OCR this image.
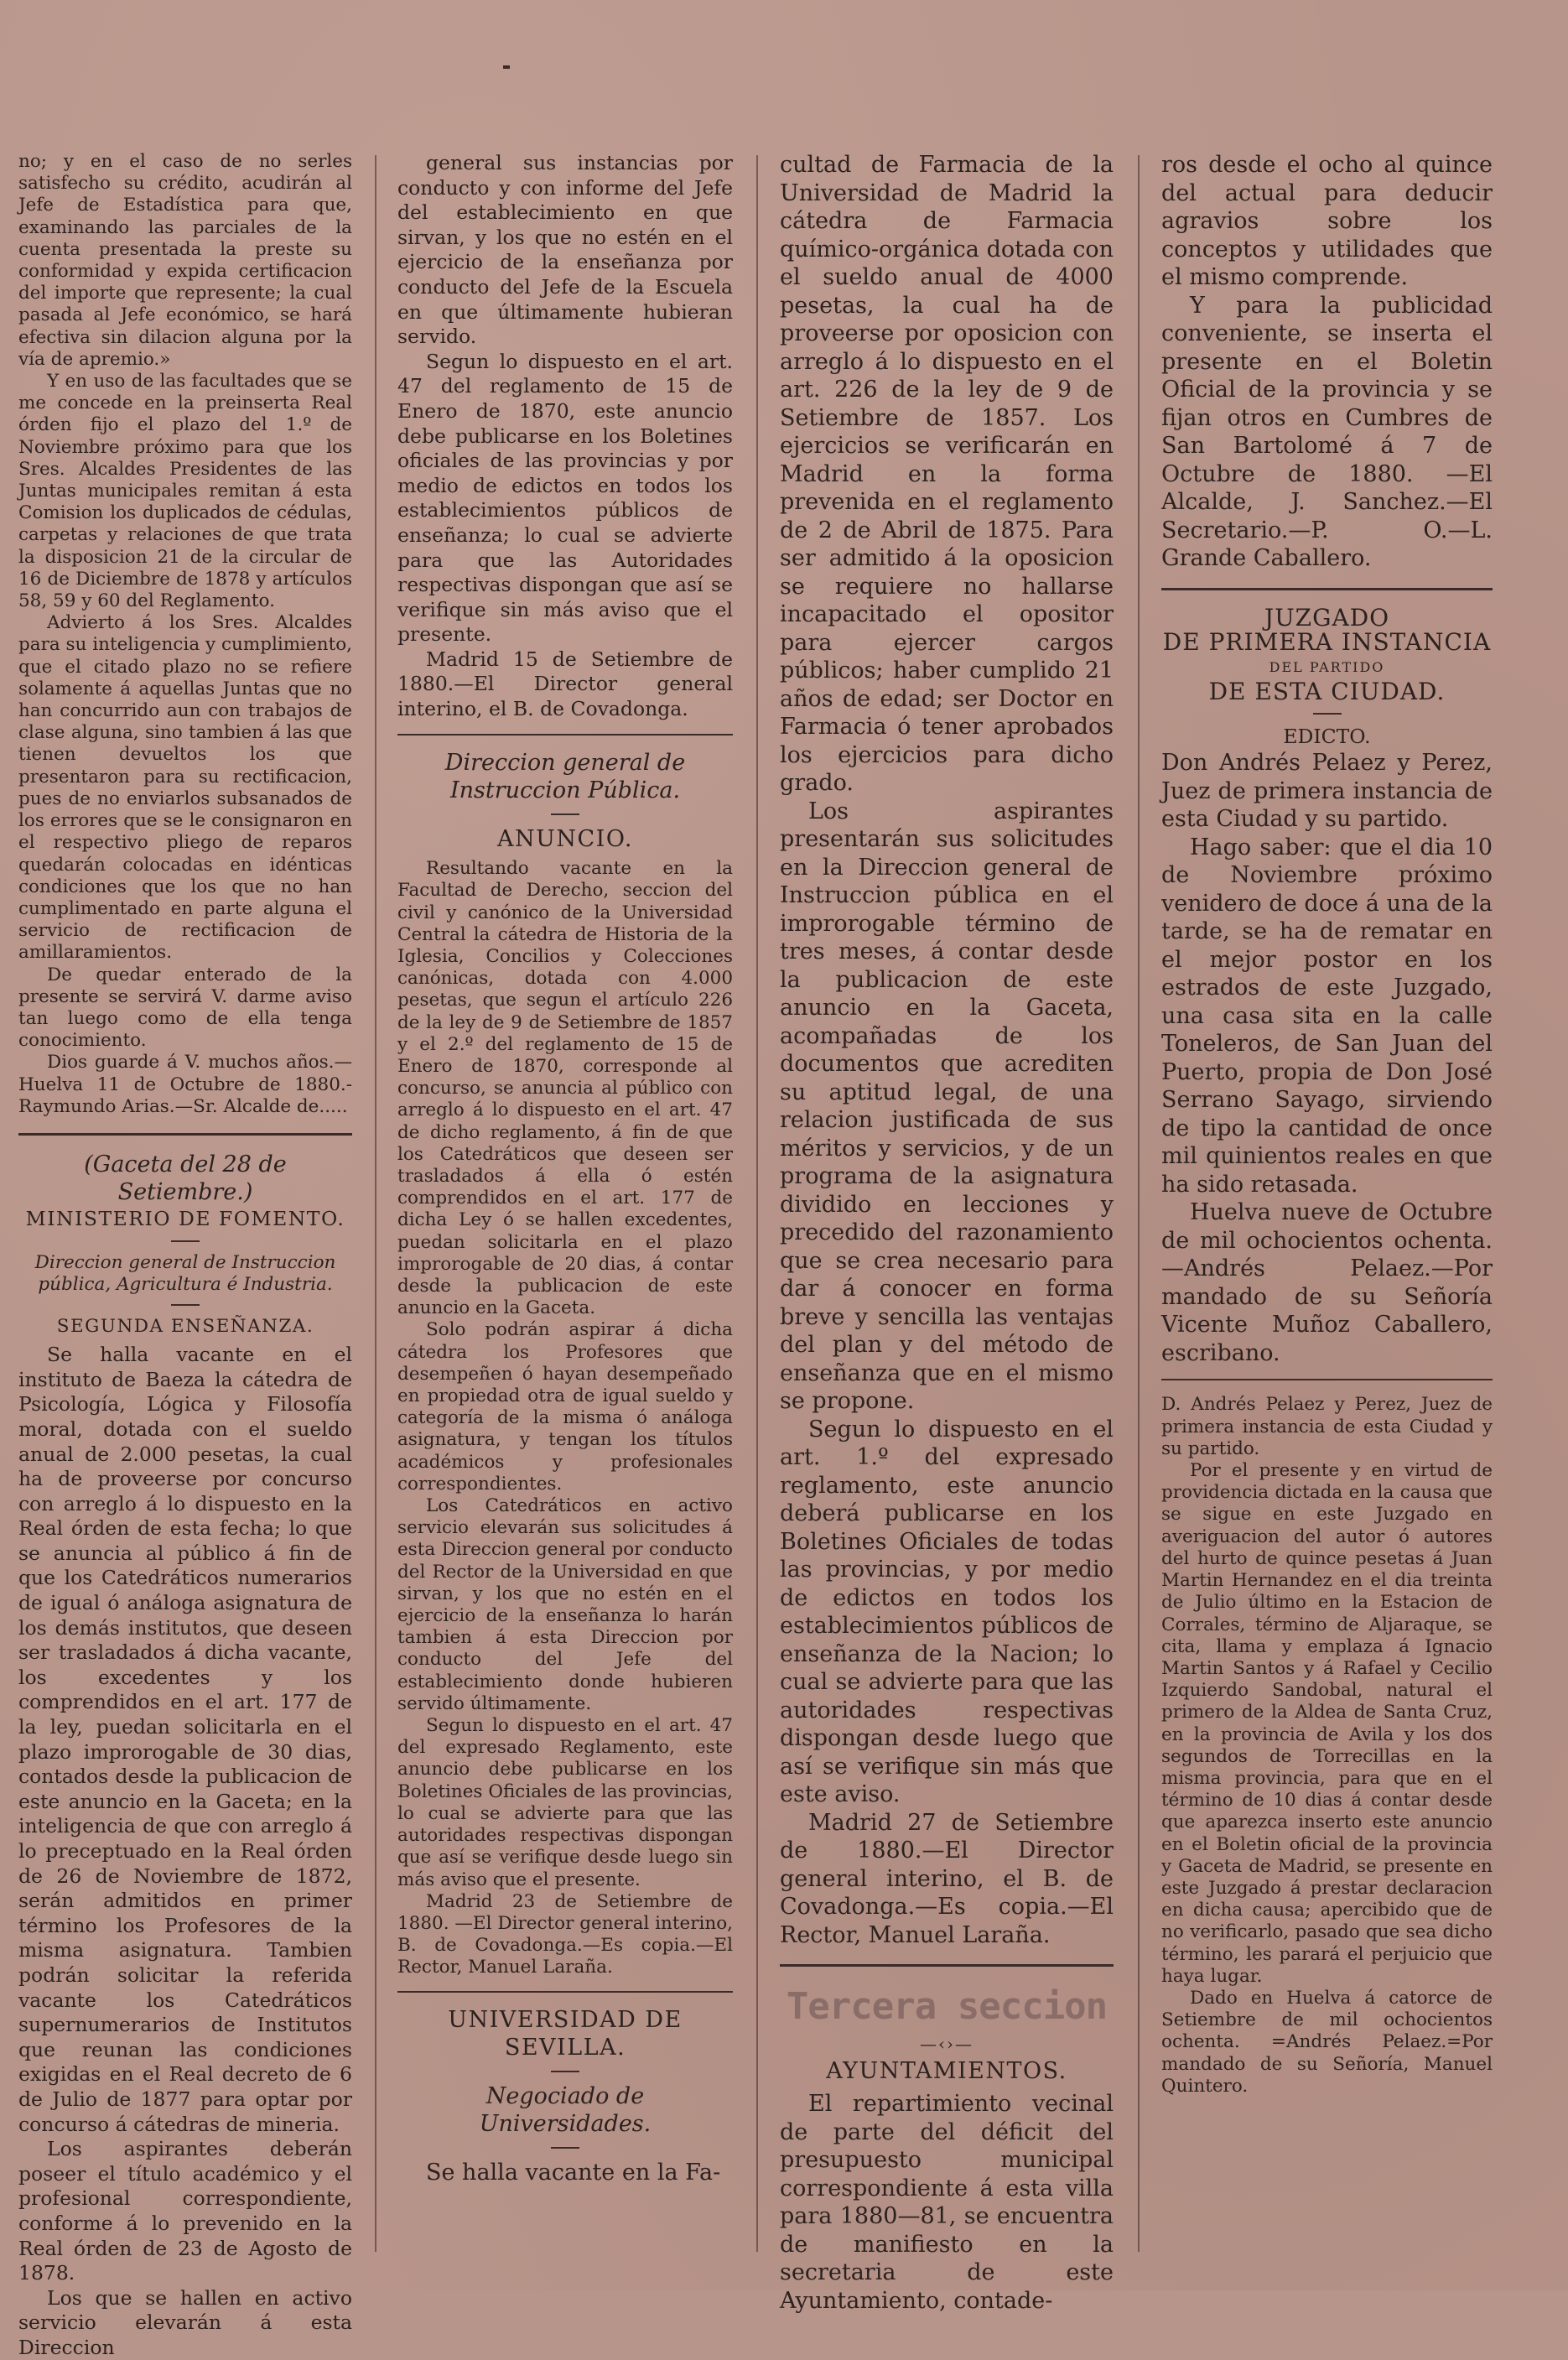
no; y en el caso de no serles satisfecho su crédito, acudirán al Jefe de Estadística para que, examinando las parciales de la cuenta presentada la preste su conformidad y expida certificacion del importe que represente; la cual pasada al Jefe económico, se hará efectiva sin dilacion alguna por la vía de apremio.»

Y en uso de las facultades que se me concede en la preinserta Real órden fijo el plazo del 1.º de Noviembre próximo para que los Sres. Alcaldes Presidentes de las Juntas municipales remitan á esta Comision los duplicados de cédulas, carpetas y relaciones de que trata la disposicion 21 de la circular de 16 de Diciembre de 1878 y artículos 58, 59 y 60 del Reglamento.

Advierto á los Sres. Alcaldes para su inteligencia y cumplimiento, que el citado plazo no se refiere solamente á aquellas Juntas que no han concurrido aun con trabajos de clase alguna, sino tambien á las que tienen devueltos los que presentaron para su rectificacion, pues de no enviarlos subsanados de los errores que se le consignaron en el respectivo pliego de reparos quedarán colocadas en idénticas condiciones que los que no han cumplimentado en parte alguna el servicio de rectificacion de amillaramientos.

De quedar enterado de la presente se servirá V. darme aviso tan luego como de ella tenga conocimiento.

Dios guarde á V. muchos años.—Huelva 11 de Octubre de 1880.-Raymundo Arias.—Sr. Alcalde de.....

(Gaceta del 28 de Setiembre.)

MINISTERIO DE FOMENTO.

Direccion general de Instruccion pública, Agricultura é Industria.

SEGUNDA ENSEÑANZA.

Se halla vacante en el instituto de Baeza la cátedra de Psicología, Lógica y Filosofía moral, dotada con el sueldo anual de 2.000 pesetas, la cual ha de proveerse por concurso con arreglo á lo dispuesto en la Real órden de esta fecha; lo que se anuncia al público á fin de que los Catedráticos numerarios de igual ó análoga asignatura de los demás institutos, que deseen ser trasladados á dicha vacante, los excedentes y los comprendidos en el art. 177 de la ley, puedan solicitarla en el plazo improrogable de 30 dias, contados desde la publicacion de este anuncio en la Gaceta; en la inteligencia de que con arreglo á lo preceptuado en la Real órden de 26 de Noviembre de 1872, serán admitidos en primer término los Profesores de la misma asignatura. Tambien podrán solicitar la referida vacante los Catedráticos supernumerarios de Institutos que reunan las condiciones exigidas en el Real decreto de 6 de Julio de 1877 para optar por concurso á cátedras de mineria.

Los aspirantes deberán poseer el título académico y el profesional correspondiente, conforme á lo prevenido en la Real órden de 23 de Agosto de 1878.

Los que se hallen en activo servicio elevarán á esta Direccion

general sus instancias por conducto y con informe del Jefe del establecimiento en que sirvan, y los que no estén en el ejercicio de la enseñanza por conducto del Jefe de la Escuela en que últimamente hubieran servido.

Segun lo dispuesto en el art. 47 del reglamento de 15 de Enero de 1870, este anuncio debe publicarse en los Boletines oficiales de las provincias y por medio de edictos en todos los establecimientos públicos de enseñanza; lo cual se advierte para que las Autoridades respectivas dispongan que así se verifique sin más aviso que el presente.

Madrid 15 de Setiembre de 1880.—El Director general interino, el B. de Covadonga.

Direccion general de Instruccion Pública.

ANUNCIO.

Resultando vacante en la Facultad de Derecho, seccion del civil y canónico de la Universidad Central la cátedra de Historia de la Iglesia, Concilios y Colecciones canónicas, dotada con 4.000 pesetas, que segun el artículo 226 de la ley de 9 de Setiembre de 1857 y el 2.º del reglamento de 15 de Enero de 1870, corresponde al concurso, se anuncia al público con arreglo á lo dispuesto en el art. 47 de dicho reglamento, á fin de que los Catedráticos que deseen ser trasladados á ella ó estén comprendidos en el art. 177 de dicha Ley ó se hallen excedentes, puedan solicitarla en el plazo improrogable de 20 dias, á contar desde la publicacion de este anuncio en la Gaceta.

Solo podrán aspirar á dicha cátedra los Profesores que desempeñen ó hayan desempeñado en propiedad otra de igual sueldo y categoría de la misma ó análoga asignatura, y tengan los títulos académicos y profesionales correspondientes.

Los Catedráticos en activo servicio elevarán sus solicitudes á esta Direccion general por conducto del Rector de la Universidad en que sirvan, y los que no estén en el ejercicio de la enseñanza lo harán tambien á esta Direccion por conducto del Jefe del establecimiento donde hubieren servido últimamente.

Segun lo dispuesto en el art. 47 del expresado Reglamento, este anuncio debe publicarse en los Boletines Oficiales de las provincias, lo cual se advierte para que las autoridades respectivas dispongan que así se verifique desde luego sin más aviso que el presente.

Madrid 23 de Setiembre de 1880. —El Director general interino, B. de Covadonga.—Es copia.—El Rector, Manuel Laraña.

UNIVERSIDAD DE SEVILLA.

Negociado de Universidades.

Se halla vacante en la Fa-

cultad de Farmacia de la Universidad de Madrid la cátedra de Farmacia químico-orgánica dotada con el sueldo anual de 4000 pesetas, la cual ha de proveerse por oposicion con arreglo á lo dispuesto en el art. 226 de la ley de 9 de Setiembre de 1857. Los ejercicios se verificarán en Madrid en la forma prevenida en el reglamento de 2 de Abril de 1875. Para ser admitido á la oposicion se requiere no hallarse incapacitado el opositor para ejercer cargos públicos; haber cumplido 21 años de edad; ser Doctor en Farmacia ó tener aprobados los ejercicios para dicho grado.

Los aspirantes presentarán sus solicitudes en la Direccion general de Instruccion pública en el improrogable término de tres meses, á contar desde la publicacion de este anuncio en la Gaceta, acompañadas de los documentos que acrediten su aptitud legal, de una relacion justificada de sus méritos y servicios, y de un programa de la asignatura dividido en lecciones y precedido del razonamiento que se crea necesario para dar á conocer en forma breve y sencilla las ventajas del plan y del método de enseñanza que en el mismo se propone.

Segun lo dispuesto en el art. 1.º del expresado reglamento, este anuncio deberá publicarse en los Boletines Oficiales de todas las provincias, y por medio de edictos en todos los establecimientos públicos de enseñanza de la Nacion; lo cual se advierte para que las autoridades respectivas dispongan desde luego que así se verifique sin más que este aviso.

Madrid 27 de Setiembre de 1880.—El Director general interino, el B. de Covadonga.—Es copia.—El Rector, Manuel Laraña.

Tercera seccion

—‹›—

AYUNTAMIENTOS.

El repartimiento vecinal de parte del déficit del presupuesto municipal correspondiente á esta villa para 1880—81, se encuentra de manifiesto en la secretaria de este Ayuntamiento, contade-

ros desde el ocho al quince del actual para deducir agravios sobre los conceptos y utilidades que el mismo comprende.

Y para la publicidad conveniente, se inserta el presente en el Boletin Oficial de la provincia y se fijan otros en Cumbres de San Bartolomé á 7 de Octubre de 1880. —El Alcalde, J. Sanchez.—El Secretario.—P. O.—L. Grande Caballero.

JUZGADO

DE PRIMERA INSTANCIA

DEL PARTIDO

DE ESTA CIUDAD.

EDICTO.

Don Andrés Pelaez y Perez, Juez de primera instancia de esta Ciudad y su partido.

Hago saber: que el dia 10 de Noviembre próximo venidero de doce á una de la tarde, se ha de rematar en el mejor postor en los estrados de este Juzgado, una casa sita en la calle Toneleros, de San Juan del Puerto, propia de Don José Serrano Sayago, sirviendo de tipo la cantidad de once mil quinientos reales en que ha sido retasada.

Huelva nueve de Octubre de mil ochocientos ochenta. —Andrés Pelaez.—Por mandado de su Señoría Vicente Muñoz Caballero, escribano.

D. Andrés Pelaez y Perez, Juez de primera instancia de esta Ciudad y su partido.

Por el presente y en virtud de providencia dictada en la causa que se sigue en este Juzgado en averiguacion del autor ó autores del hurto de quince pesetas á Juan Martin Hernandez en el dia treinta de Julio último en la Estacion de Corrales, término de Aljaraque, se cita, llama y emplaza á Ignacio Martin Santos y á Rafael y Cecilio Izquierdo Sandobal, natural el primero de la Aldea de Santa Cruz, en la provincia de Avila y los dos segundos de Torrecillas en la misma provincia, para que en el término de 10 dias á contar desde que aparezca inserto este anuncio en el Boletin oficial de la provincia y Gaceta de Madrid, se presente en este Juzgado á prestar declaracion en dicha causa; apercibido que de no verificarlo, pasado que sea dicho término, les parará el perjuicio que haya lugar.

Dado en Huelva á catorce de Setiembre de mil ochocientos ochenta. =Andrés Pelaez.=Por mandado de su Señoría, Manuel Quintero.
